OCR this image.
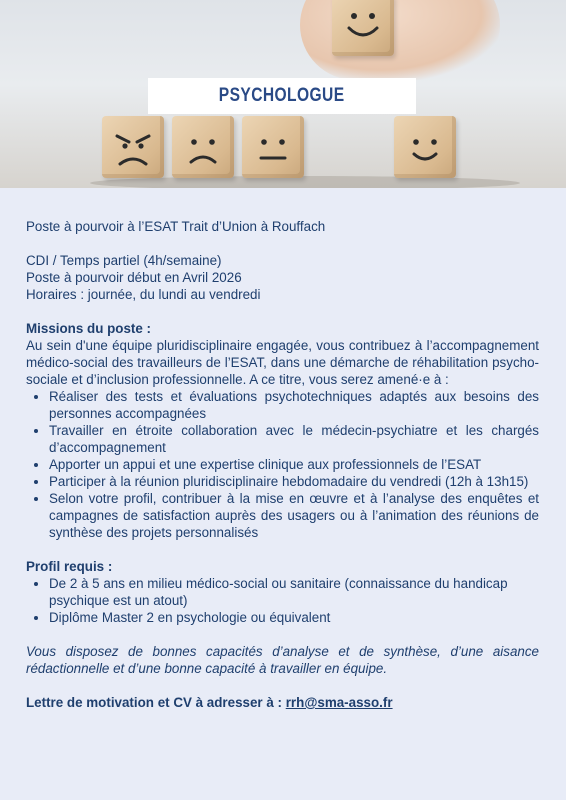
PSYCHOLOGUE

Poste à pourvoir à l’ESAT Trait d’Union à Rouffach

CDI / Temps partiel (4h/semaine)

Poste à pourvoir début en Avril 2026

Horaires : journée, du lundi au vendredi

Missions du poste :

Au sein d'une équipe pluridisciplinaire engagée, vous contribuez à l’accompagnement médico-social des travailleurs de l’ESAT, dans une démarche de réhabilitation psycho-sociale et d’inclusion professionnelle. A ce titre, vous serez amené·e à :

• Réaliser des tests et évaluations psychotechniques adaptés aux besoins des personnes accompagnées
• Travailler en étroite collaboration avec le médecin-psychiatre et les chargés d’accompagnement
• Apporter un appui et une expertise clinique aux professionnels de l’ESAT
• Participer à la réunion pluridisciplinaire hebdomadaire du vendredi (12h à 13h15)
• Selon votre profil, contribuer à la mise en œuvre et à l’analyse des enquêtes et campagnes de satisfaction auprès des usagers ou à l’animation des réunions de synthèse des projets personnalisés

Profil requis :

• De 2 à 5 ans en milieu médico-social ou sanitaire (connaissance du handicap psychique est un atout)
• Diplôme Master 2 en psychologie ou équivalent

Vous disposez de bonnes capacités d’analyse et de synthèse, d’une aisance rédactionnelle et d’une bonne capacité à travailler en équipe.

Lettre de motivation et CV à adresser à : rrh@sma-asso.fr
